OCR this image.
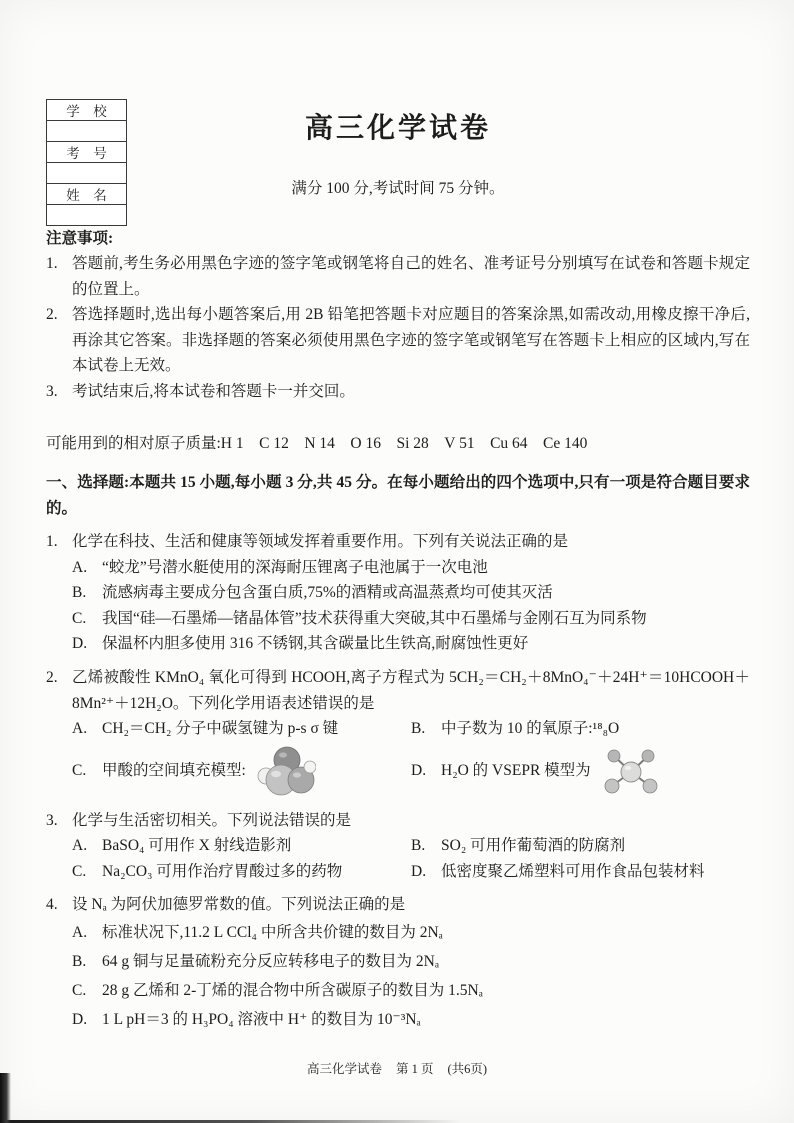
学　校

考　号

姓　名

高三化学试卷

满分 100 分,考试时间 75 分钟。

注意事项:

1. 答题前,考生务必用黑色字迹的签字笔或钢笔将自己的姓名、准考证号分别填写在试卷和答题卡规定的位置上。
2. 答选择题时,选出每小题答案后,用 2B 铅笔把答题卡对应题目的答案涂黑,如需改动,用橡皮擦干净后,再涂其它答案。非选择题的答案必须使用黑色字迹的签字笔或钢笔写在答题卡上相应的区域内,写在本试卷上无效。
3. 考试结束后,将本试卷和答题卡一并交回。

可能用到的相对原子质量:H 1　C 12　N 14　O 16　Si 28　V 51　Cu 64　Ce 140

一、选择题:本题共 15 小题,每小题 3 分,共 45 分。在每小题给出的四个选项中,只有一项是符合题目要求的。

1. 化学在科技、生活和健康等领域发挥着重要作用。下列有关说法正确的是
A. “蛟龙”号潜水艇使用的深海耐压锂离子电池属于一次电池
B.	流感病毒主要成分包含蛋白质,75%的酒精或高温蒸煮均可使其灭活
C.	我国“硅—石墨烯—锗晶体管”技术获得重大突破,其中石墨烯与金刚石互为同系物
D. 保温杯内胆多使用 316 不锈钢,其含碳量比生铁高,耐腐蚀性更好
2. 乙烯被酸性 KMnO₄ 氧化可得到 HCOOH,离子方程式为 5CH₂＝CH₂＋8MnO₄⁻＋24H⁺＝10HCOOH＋8Mn²⁺＋12H₂O。下列化学用语表述错误的是
A. CH₂＝CH₂ 分子中碳氢键为 p-s σ 键	B.	中子数为 10 的氧原子:¹⁸₈O
C.	甲酸的空间填充模型:	D. H₂O 的 VSEPR 模型为
3. 化学与生活密切相关。下列说法错误的是
A. BaSO₄ 可用作 X 射线造影剂	B.	SO₂ 可用作葡萄酒的防腐剂
C.	Na₂CO₃ 可用作治疗胃酸过多的药物	D. 低密度聚乙烯塑料可用作食品包装材料
4. 设 Nₐ 为阿伏加德罗常数的值。下列说法正确的是
A. 标准状况下,11.2 L CCl₄ 中所含共价键的数目为 2Nₐ
B.	64 g 铜与足量硫粉充分反应转移电子的数目为 2Nₐ
C.	28 g 乙烯和 2-丁烯的混合物中所含碳原子的数目为 1.5Nₐ
D. 1 L pH＝3 的 H₃PO₄ 溶液中 H⁺ 的数目为 10⁻³Nₐ
高三化学试卷 第 1 页 (共6页)
